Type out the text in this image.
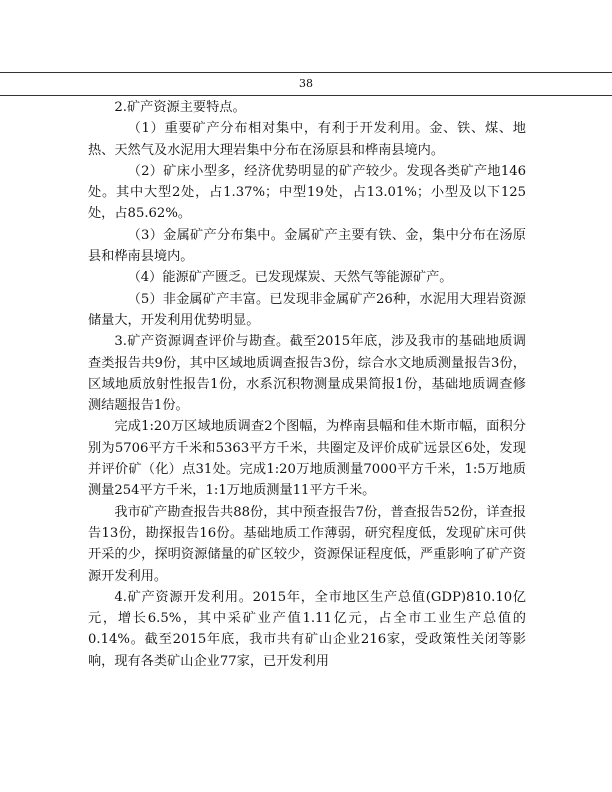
38

2.矿产资源主要特点。

（1）重要矿产分布相对集中，有利于开发利用。金、铁、煤、地热、天然气及水泥用大理岩集中分布在汤原县和桦南县境内。

（2）矿床小型多，经济优势明显的矿产较少。发现各类矿产地146处。其中大型2处，占1.37%；中型19处，占13.01%；小型及以下125处，占85.62%。

（3）金属矿产分布集中。金属矿产主要有铁、金，集中分布在汤原县和桦南县境内。

（4）能源矿产匮乏。已发现煤炭、天然气等能源矿产。

（5）非金属矿产丰富。已发现非金属矿产26种，水泥用大理岩资源储量大，开发利用优势明显。

3.矿产资源调查评价与勘查。截至2015年底，涉及我市的基础地质调查类报告共9份，其中区域地质调查报告3份，综合水文地质测量报告3份，区域地质放射性报告1份，水系沉积物测量成果简报1份，基础地质调查修测结题报告1份。

完成1:20万区域地质调查2个图幅，为桦南县幅和佳木斯市幅，面积分别为5706平方千米和5363平方千米，共圈定及评价成矿远景区6处，发现并评价矿（化）点31处。完成1:20万地质测量7000平方千米，1:5万地质测量254平方千米，1:1万地质测量11平方千米。

我市矿产勘查报告共88份，其中预查报告7份，普查报告52份，详查报告13份，勘探报告16份。基础地质工作薄弱，研究程度低，发现矿床可供开采的少，探明资源储量的矿区较少，资源保证程度低，严重影响了矿产资源开发利用。

4.矿产资源开发利用。2015年，全市地区生产总值(GDP)810.10亿元，增长6.5%，其中采矿业产值1.11亿元，占全市工业生产总值的0.14%。截至2015年底，我市共有矿山企业216家，受政策性关闭等影响，现有各类矿山企业77家，已开发利用
